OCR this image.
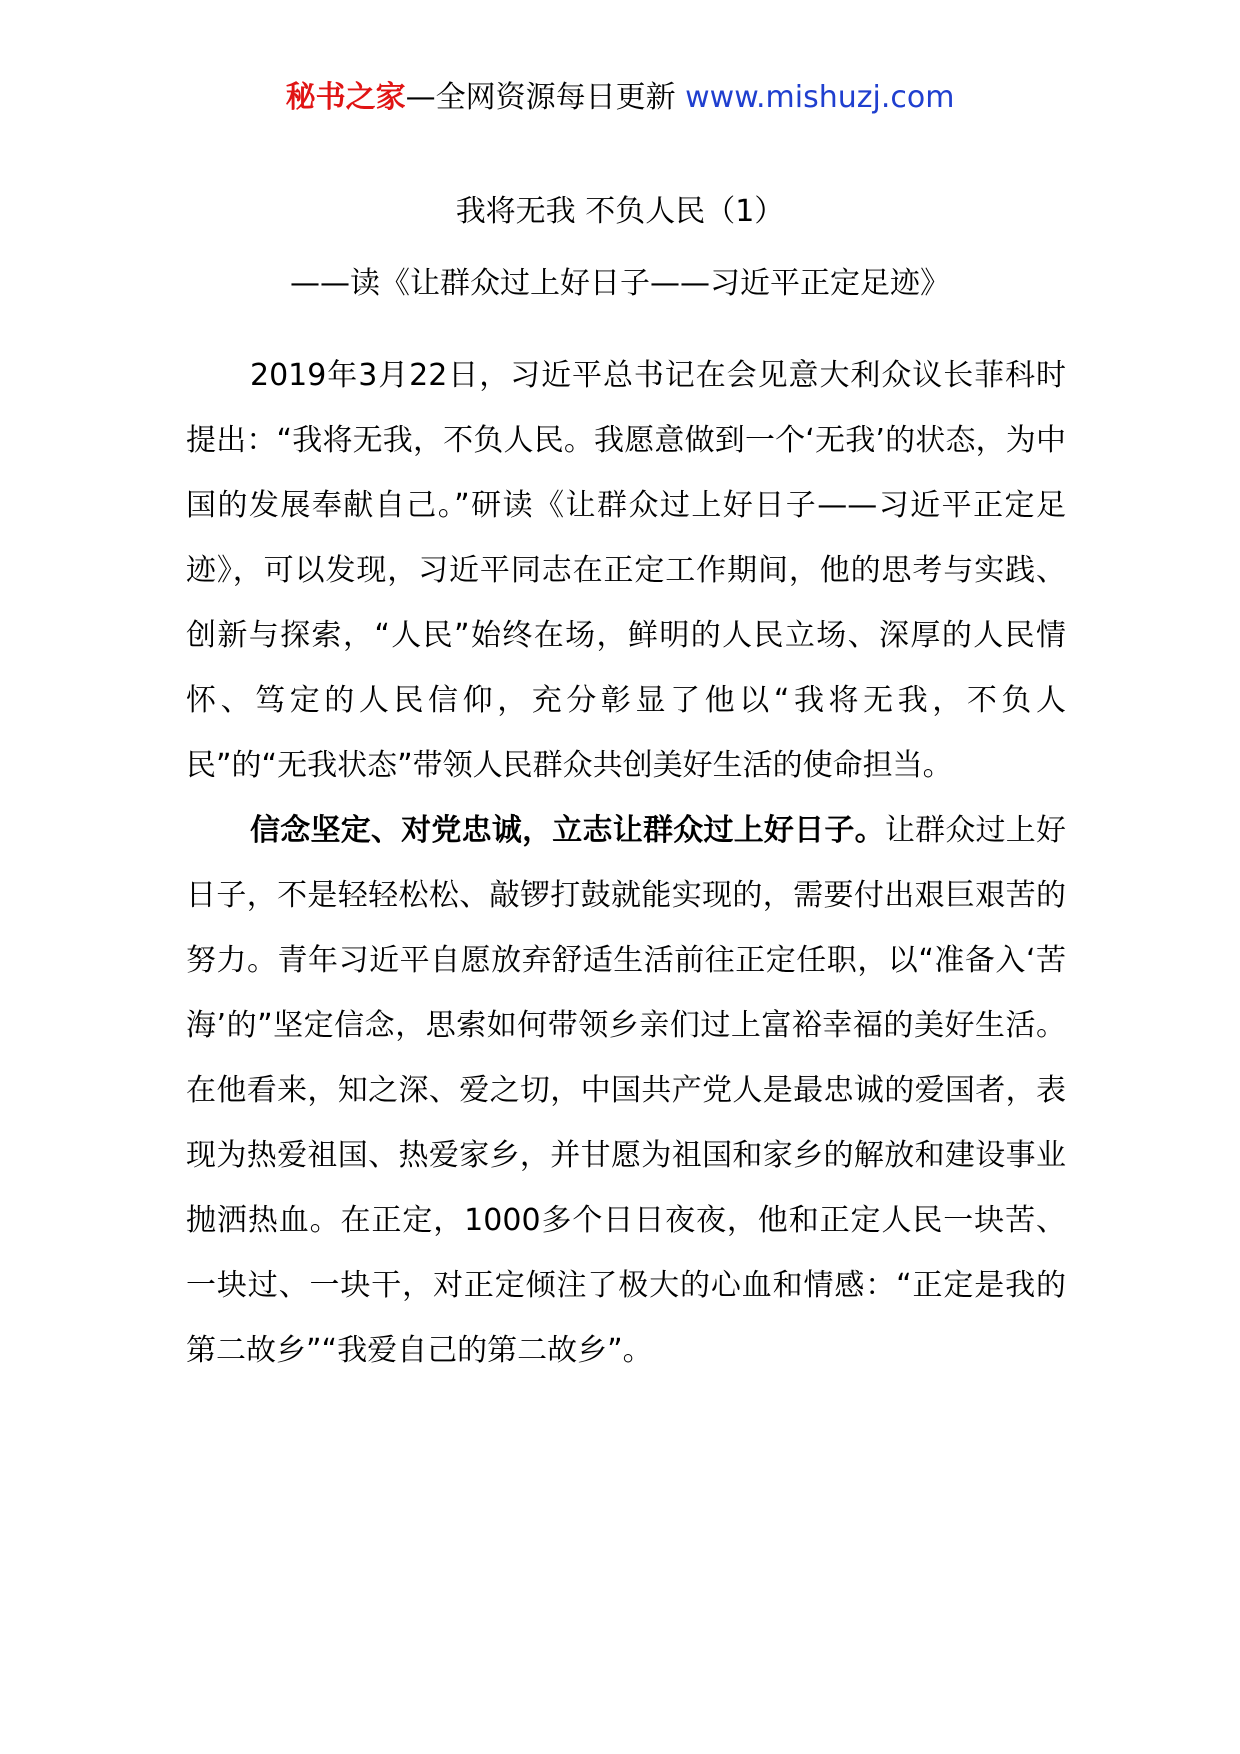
秘书之家—全网资源每日更新 www.mishuzj.com
我将无我 不负人民（1）
——读《让群众过上好日子——习近平正定足迹》

2019年3月22日，习近平总书记在会见意大利众议长菲科时提出：“我将无我，不负人民。我愿意做到一个‘无我’的状态，为中国的发展奉献自己。”研读《让群众过上好日子——习近平正定足迹》，可以发现，习近平同志在正定工作期间，他的思考与实践、创新与探索，“人民”始终在场，鲜明的人民立场、深厚的人民情怀、笃定的人民信仰，充分彰显了他以“我将无我，不负人民”的“无我状态”带领人民群众共创美好生活的使命担当。

信念坚定、对党忠诚，立志让群众过上好日子。让群众过上好日子，不是轻轻松松、敲锣打鼓就能实现的，需要付出艰巨艰苦的努力。青年习近平自愿放弃舒适生活前往正定任职，以“准备入‘苦海’的”坚定信念，思索如何带领乡亲们过上富裕幸福的美好生活。在他看来，知之深、爱之切，中国共产党人是最忠诚的爱国者，表现为热爱祖国、热爱家乡，并甘愿为祖国和家乡的解放和建设事业抛洒热血。在正定，1000多个日日夜夜，他和正定人民一块苦、一块过、一块干，对正定倾注了极大的心血和情感：“正定是我的第二故乡”“我爱自己的第二故乡”。
